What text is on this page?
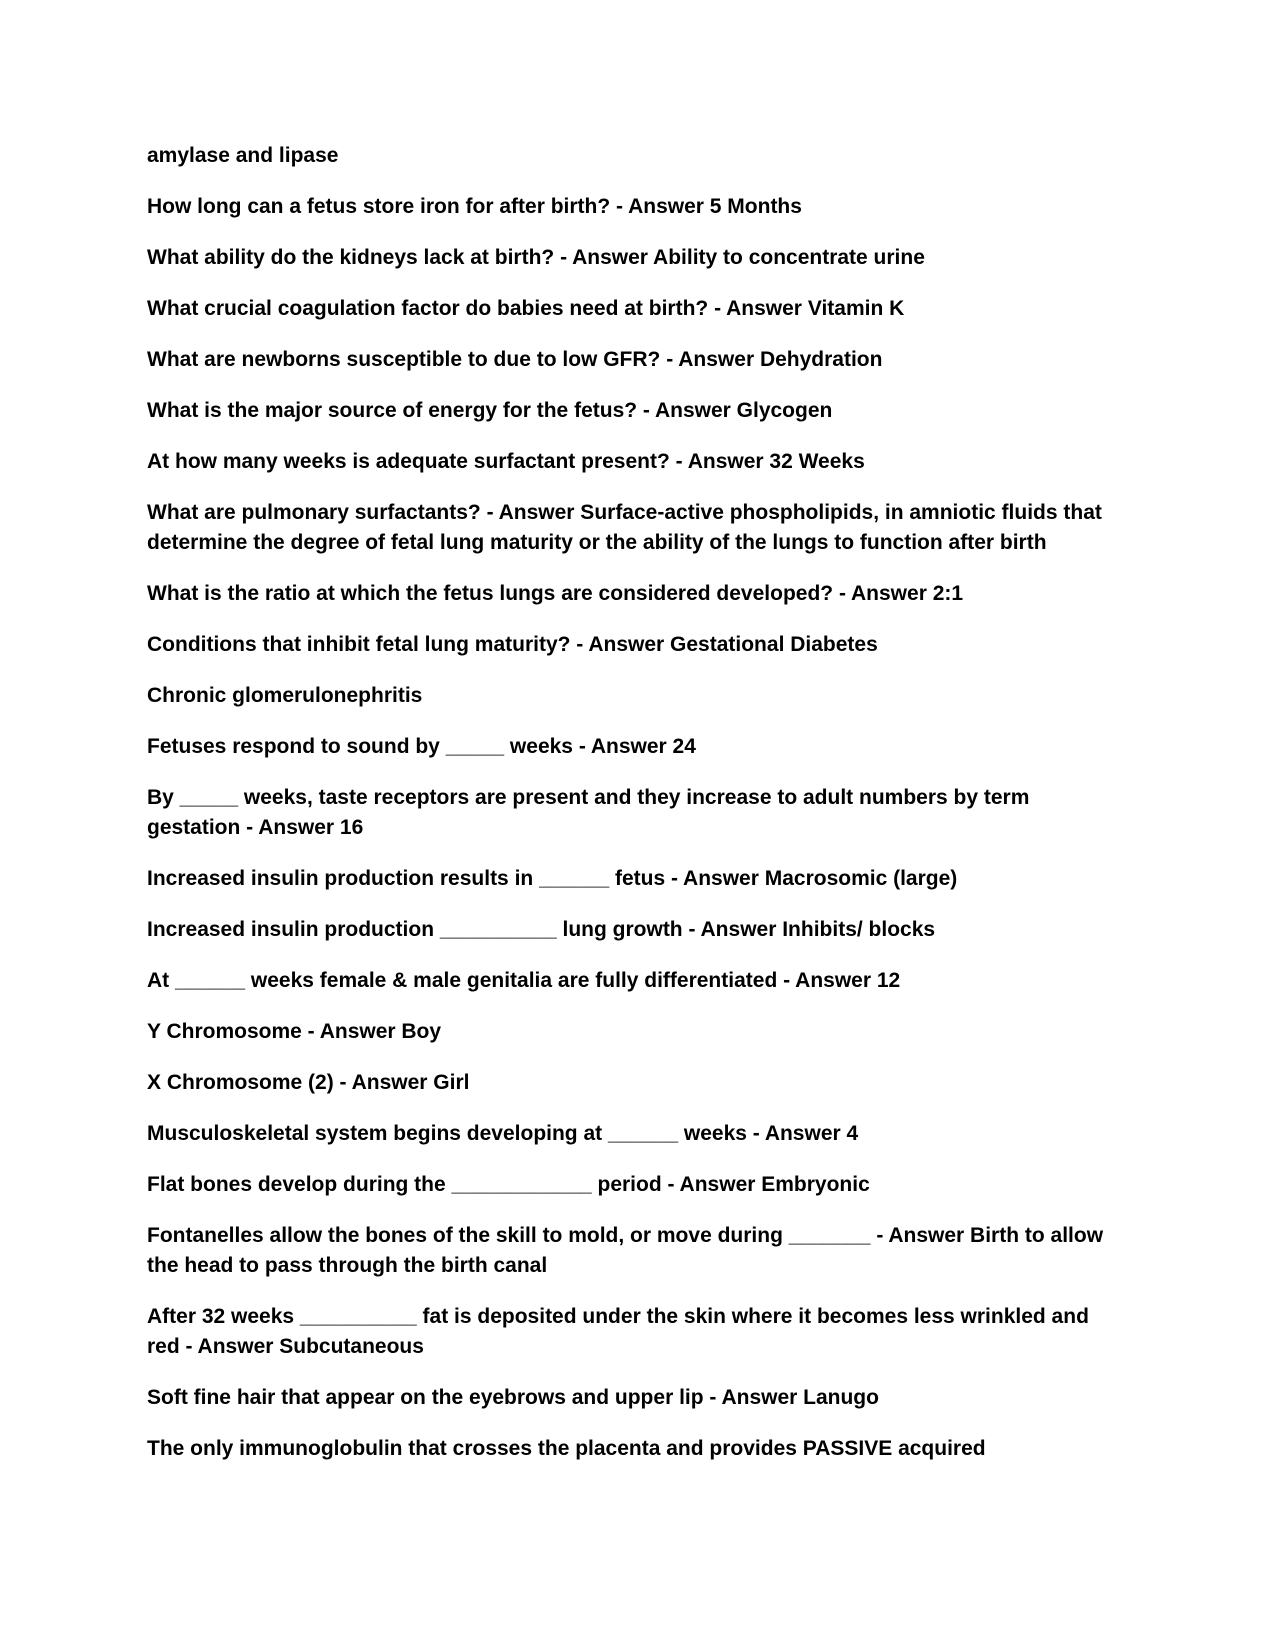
amylase and lipase

How long can a fetus store iron for after birth? - Answer 5 Months

What ability do the kidneys lack at birth? - Answer Ability to concentrate urine

What crucial coagulation factor do babies need at birth? - Answer Vitamin K

What are newborns susceptible to due to low GFR? - Answer Dehydration

What is the major source of energy for the fetus? - Answer Glycogen

At how many weeks is adequate surfactant present? - Answer 32 Weeks

What are pulmonary surfactants? - Answer Surface-active phospholipids, in amniotic fluids that determine the degree of fetal lung maturity or the ability of the lungs to function after birth

What is the ratio at which the fetus lungs are considered developed? - Answer 2:1

Conditions that inhibit fetal lung maturity? - Answer Gestational Diabetes

Chronic glomerulonephritis

Fetuses respond to sound by _____ weeks - Answer 24

By _____ weeks, taste receptors are present and they increase to adult numbers by term gestation - Answer 16

Increased insulin production results in ______ fetus - Answer Macrosomic (large)

Increased insulin production __________ lung growth - Answer Inhibits/ blocks

At ______ weeks female & male genitalia are fully differentiated - Answer 12

Y Chromosome - Answer Boy

X Chromosome (2) - Answer Girl

Musculoskeletal system begins developing at ______ weeks - Answer 4

Flat bones develop during the ____________ period - Answer Embryonic

Fontanelles allow the bones of the skill to mold, or move during _______ - Answer Birth to allow the head to pass through the birth canal

After 32 weeks __________ fat is deposited under the skin where it becomes less wrinkled and red - Answer Subcutaneous

Soft fine hair that appear on the eyebrows and upper lip - Answer Lanugo

The only immunoglobulin that crosses the placenta and provides PASSIVE acquired
